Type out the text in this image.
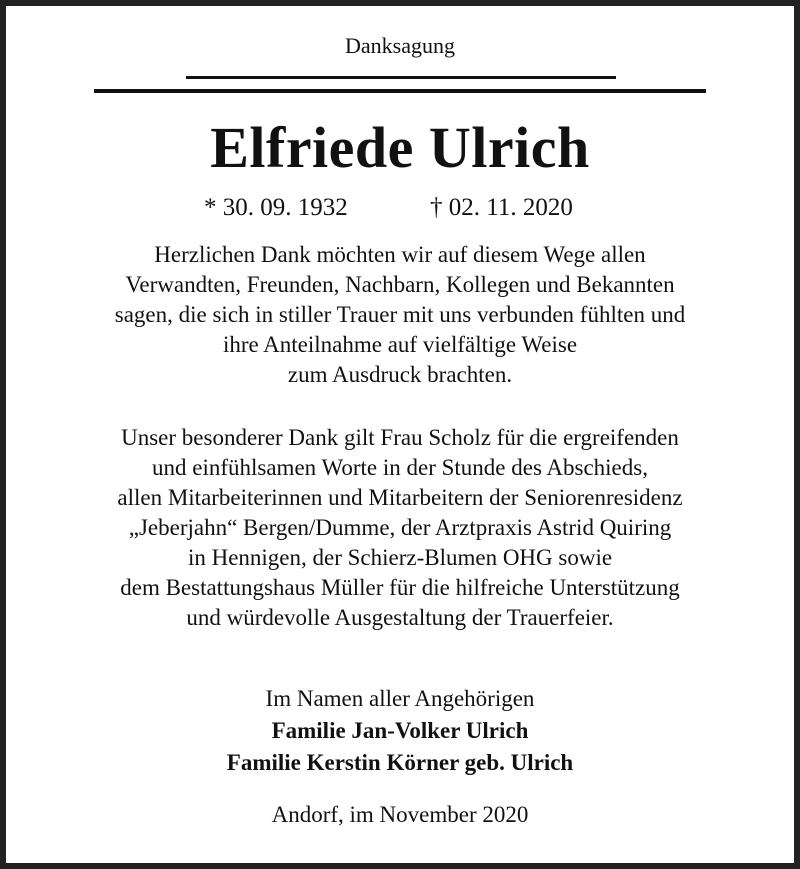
Danksagung
Elfriede Ulrich
* 30. 09. 1932	† 02. 11. 2020
Herzlichen Dank möchten wir auf diesem Wege allen
Verwandten, Freunden, Nachbarn, Kollegen und Bekannten
sagen, die sich in stiller Trauer mit uns verbunden fühlten und
ihre Anteilnahme auf vielfältige Weise
zum Ausdruck brachten.
Unser besonderer Dank gilt Frau Scholz für die ergreifenden
und einfühlsamen Worte in der Stunde des Abschieds,
allen Mitarbeiterinnen und Mitarbeitern der Seniorenresidenz
„Jeberjahn“ Bergen/Dumme, der Arztpraxis Astrid Quiring
in Hennigen, der Schierz-Blumen OHG sowie
dem Bestattungshaus Müller für die hilfreiche Unterstützung
und würdevolle Ausgestaltung der Trauerfeier.
Im Namen aller Angehörigen
Familie Jan-Volker Ulrich
Familie Kerstin Körner geb. Ulrich
Andorf, im November 2020
